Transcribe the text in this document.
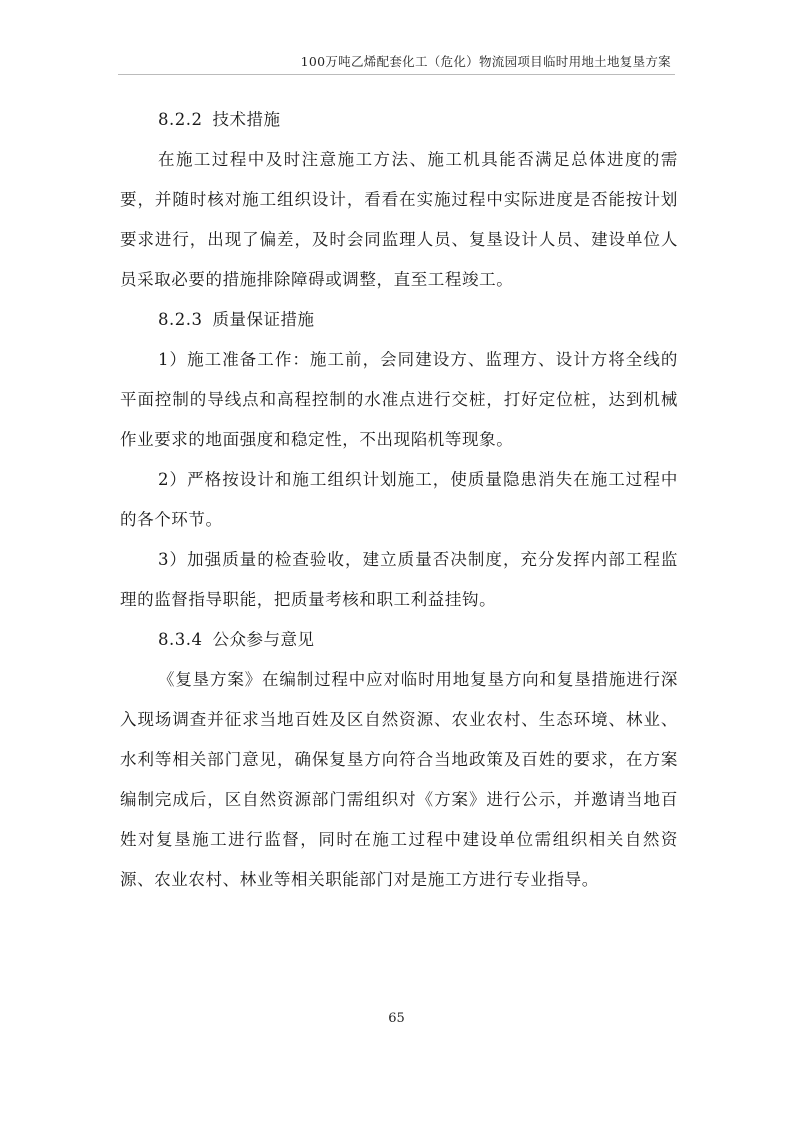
100万吨乙烯配套化工（危化）物流园项目临时用地土地复垦方案

8.2.2 技术措施

在施工过程中及时注意施工方法、施工机具能否满足总体进度的需要，并随时核对施工组织设计，看看在实施过程中实际进度是否能按计划要求进行，出现了偏差，及时会同监理人员、复垦设计人员、建设单位人员采取必要的措施排除障碍或调整，直至工程竣工。

8.2.3 质量保证措施

1）施工准备工作：施工前，会同建设方、监理方、设计方将全线的平面控制的导线点和高程控制的水准点进行交桩，打好定位桩，达到机械作业要求的地面强度和稳定性，不出现陷机等现象。

2）严格按设计和施工组织计划施工，使质量隐患消失在施工过程中的各个环节。

3）加强质量的检查验收，建立质量否决制度，充分发挥内部工程监理的监督指导职能，把质量考核和职工利益挂钩。

8.3.4 公众参与意见

《复垦方案》在编制过程中应对临时用地复垦方向和复垦措施进行深入现场调查并征求当地百姓及区自然资源、农业农村、生态环境、林业、水利等相关部门意见，确保复垦方向符合当地政策及百姓的要求，在方案编制完成后，区自然资源部门需组织对《方案》进行公示，并邀请当地百姓对复垦施工进行监督，同时在施工过程中建设单位需组织相关自然资源、农业农村、林业等相关职能部门对是施工方进行专业指导。

65
